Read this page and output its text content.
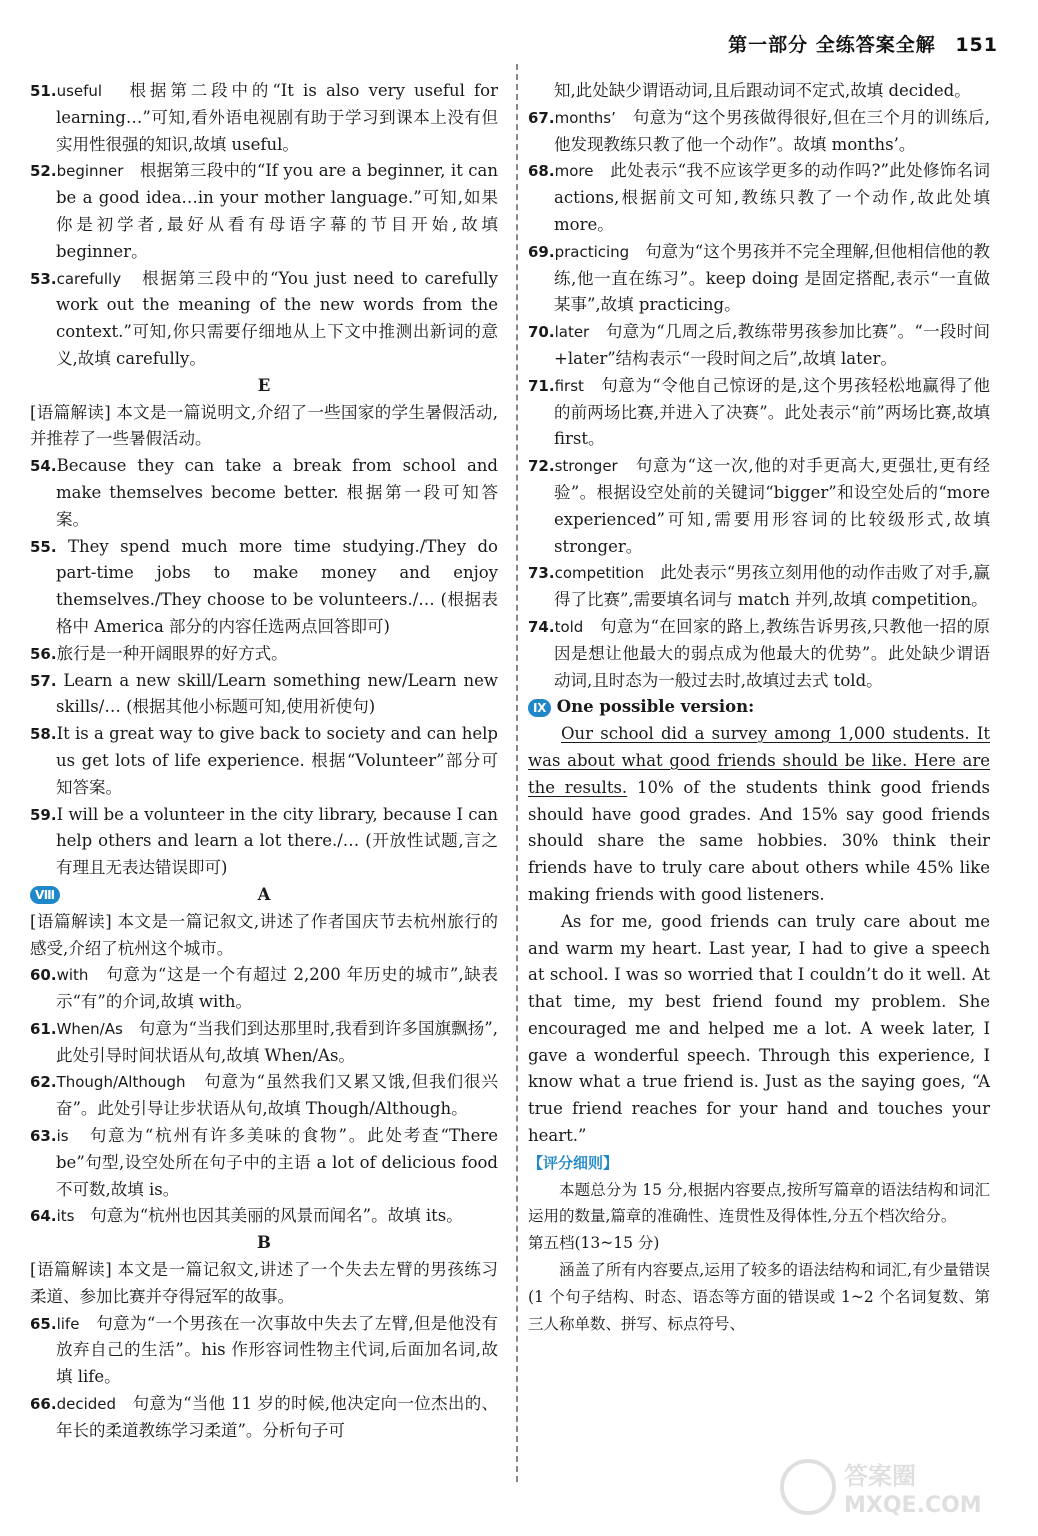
第一部分 全练答案全解 151

51.useful 根据第二段中的“It is also very useful for learning…”可知,看外语电视剧有助于学习到课本上没有但实用性很强的知识,故填 useful。

52.beginner 根据第三段中的“If you are a beginner, it can be a good idea…in your mother language.”可知,如果你是初学者,最好从看有母语字幕的节目开始,故填 beginner。

53.carefully 根据第三段中的“You just need to carefully work out the meaning of the new words from the context.”可知,你只需要仔细地从上下文中推测出新词的意义,故填 carefully。

E

[语篇解读] 本文是一篇说明文,介绍了一些国家的学生暑假活动,并推荐了一些暑假活动。

54.Because they can take a break from school and make themselves become better. 根据第一段可知答案。

55. They spend much more time studying./They do part-time jobs to make money and enjoy themselves./They choose to be volunteers./… (根据表格中 America 部分的内容任选两点回答即可)

56.旅行是一种开阔眼界的好方式。

57. Learn a new skill/Learn something new/Learn new skills/… (根据其他小标题可知,使用祈使句)

58.It is a great way to give back to society and can help us get lots of life experience. 根据“Volunteer”部分可知答案。

59.I will be a volunteer in the city library, because I can help others and learn a lot there./… (开放性试题,言之有理且无表达错误即可)

Ⅷ	A

[语篇解读] 本文是一篇记叙文,讲述了作者国庆节去杭州旅行的感受,介绍了杭州这个城市。

60.with 句意为“这是一个有超过 2,200 年历史的城市”,缺表示“有”的介词,故填 with。

61.When/As 句意为“当我们到达那里时,我看到许多国旗飘扬”,此处引导时间状语从句,故填 When/As。

62.Though/Although 句意为“虽然我们又累又饿,但我们很兴奋”。此处引导让步状语从句,故填 Though/Although。

63.is 句意为“杭州有许多美味的食物”。此处考查“There be”句型,设空处所在句子中的主语 a lot of delicious food 不可数,故填 is。

64.its 句意为“杭州也因其美丽的风景而闻名”。故填 its。

B

[语篇解读] 本文是一篇记叙文,讲述了一个失去左臂的男孩练习柔道、参加比赛并夺得冠军的故事。

65.life 句意为“一个男孩在一次事故中失去了左臂,但是他没有放弃自己的生活”。his 作形容词性物主代词,后面加名词,故填 life。

66.decided 句意为“当他 11 岁的时候,他决定向一位杰出的、年长的柔道教练学习柔道”。分析句子可

知,此处缺少谓语动词,且后跟动词不定式,故填 decided。

67.months’ 句意为“这个男孩做得很好,但在三个月的训练后,他发现教练只教了他一个动作”。故填 months’。

68.more 此处表示“我不应该学更多的动作吗?”此处修饰名词 actions,根据前文可知,教练只教了一个动作,故此处填 more。

69.practicing 句意为“这个男孩并不完全理解,但他相信他的教练,他一直在练习”。keep doing 是固定搭配,表示“一直做某事”,故填 practicing。

70.later 句意为“几周之后,教练带男孩参加比赛”。“一段时间+later”结构表示“一段时间之后”,故填 later。

71.first 句意为“令他自己惊讶的是,这个男孩轻松地赢得了他的前两场比赛,并进入了决赛”。此处表示“前”两场比赛,故填 first。

72.stronger 句意为“这一次,他的对手更高大,更强壮,更有经验”。根据设空处前的关键词“bigger”和设空处后的“more experienced”可知,需要用形容词的比较级形式,故填 stronger。

73.competition 此处表示“男孩立刻用他的动作击败了对手,赢得了比赛”,需要填名词与 match 并列,故填 competition。

74.told 句意为“在回家的路上,教练告诉男孩,只教他一招的原因是想让他最大的弱点成为他最大的优势”。此处缺少谓语动词,且时态为一般过去时,故填过去式 told。

Ⅸ One possible version:

Our school did a survey among 1,000 students. It was about what good friends should be like. Here are the results. 10% of the students think good friends should have good grades. And 15% say good friends should share the same hobbies. 30% think their friends have to truly care about others while 45% like making friends with good listeners.

As for me, good friends can truly care about me and warm my heart. Last year, I had to give a speech at school. I was so worried that I couldn’t do it well. At that time, my best friend found my problem. She encouraged me and helped me a lot. A week later, I gave a wonderful speech. Through this experience, I know what a true friend is. Just as the saying goes, “A true friend reaches for your hand and touches your heart.”

【评分细则】

本题总分为 15 分,根据内容要点,按所写篇章的语法结构和词汇运用的数量,篇章的准确性、连贯性及得体性,分五个档次给分。

第五档(13~15 分)

涵盖了所有内容要点,运用了较多的语法结构和词汇,有少量错误(1 个句子结构、时态、语态等方面的错误或 1~2 个名词复数、第三人称单数、拼写、标点符号、

答案圈
MXQE.COM
